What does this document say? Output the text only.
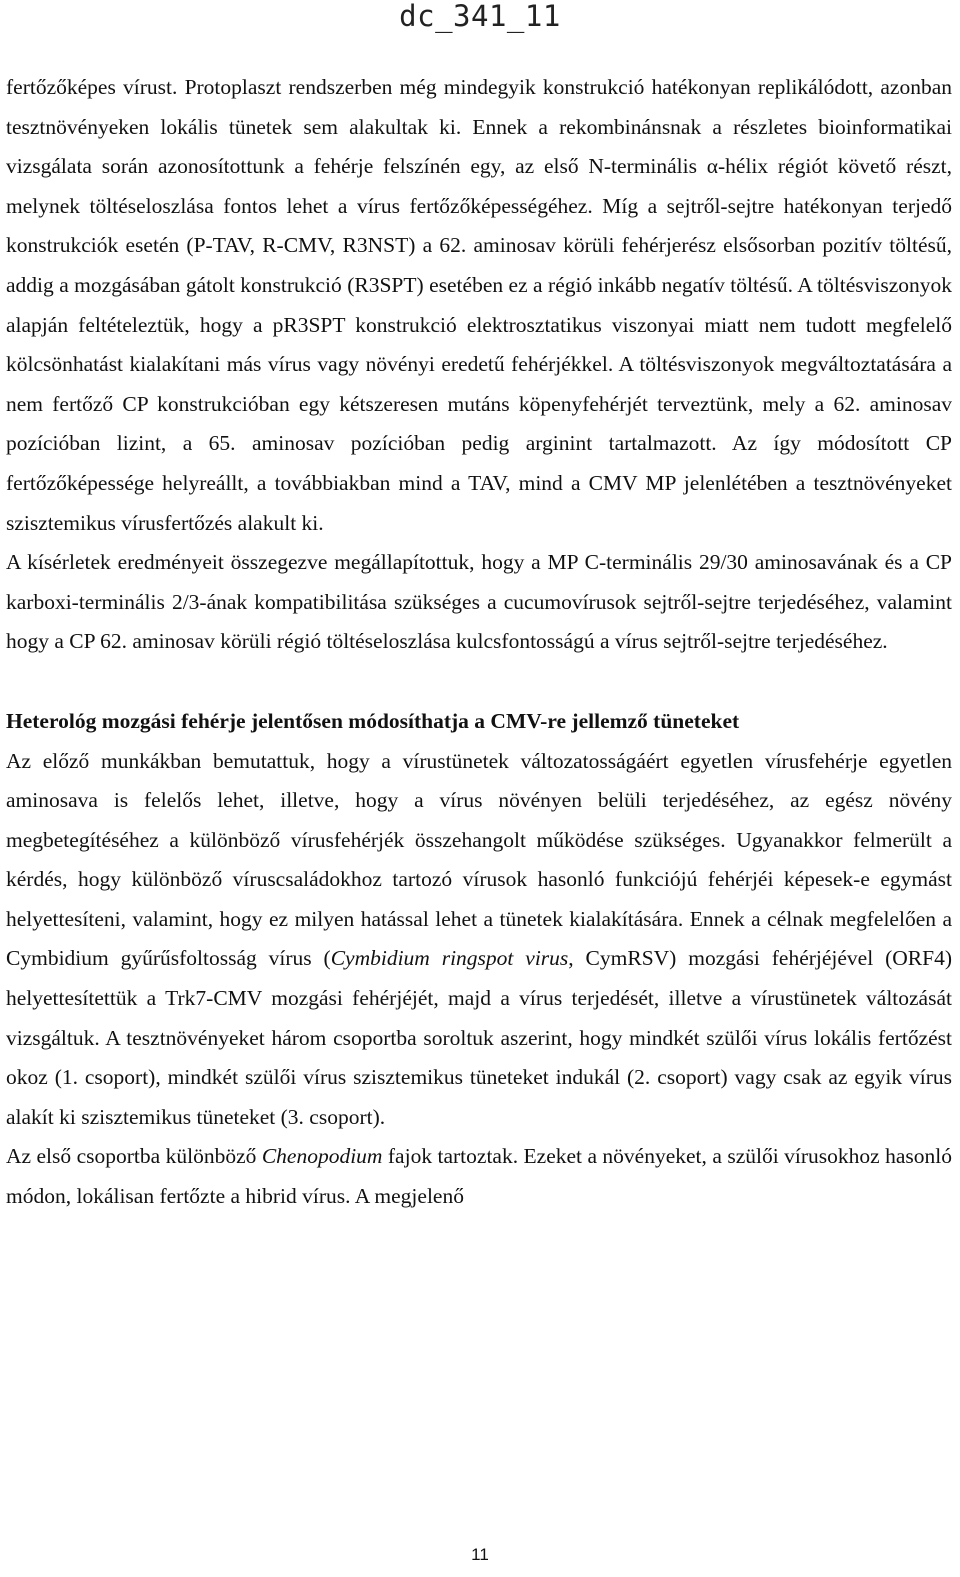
dc_341_11

fertőzőképes vírust. Protoplaszt rendszerben még mindegyik konstrukció hatékonyan replikálódott, azonban tesztnövényeken lokális tünetek sem alakultak ki. Ennek a rekombinánsnak a részletes bioinformatikai vizsgálata során azonosítottunk a fehérje felszínén egy, az első N-terminális α-hélix régiót követő részt, melynek töltéseloszlása fontos lehet a vírus fertőzőképességéhez. Míg a sejtről-sejtre hatékonyan terjedő konstrukciók esetén (P-TAV, R-CMV, R3NST) a 62. aminosav körüli fehérjerész elsősorban pozitív töltésű, addig a mozgásában gátolt konstrukció (R3SPT) esetében ez a régió inkább negatív töltésű. A töltésviszonyok alapján feltételeztük, hogy a pR3SPT konstrukció elektrosztatikus viszonyai miatt nem tudott megfelelő kölcsönhatást kialakítani más vírus vagy növényi eredetű fehérjékkel. A töltésviszonyok megváltoztatására a nem fertőző CP konstrukcióban egy kétszeresen mutáns köpenyfehérjét terveztünk, mely a 62. aminosav pozícióban lizint, a 65. aminosav pozícióban pedig arginint tartalmazott. Az így módosított CP fertőzőképessége helyreállt, a továbbiakban mind a TAV, mind a CMV MP jelenlétében a tesztnövényeket szisztemikus vírusfertőzés alakult ki.

A kísérletek eredményeit összegezve megállapítottuk, hogy a MP C-terminális 29/30 aminosavának és a CP karboxi-terminális 2/3-ának kompatibilitása szükséges a cucumovírusok sejtről-sejtre terjedéséhez, valamint hogy a CP 62. aminosav körüli régió töltéseloszlása kulcsfontosságú a vírus sejtről-sejtre terjedéséhez.

Heterológ mozgási fehérje jelentősen módosíthatja a CMV-re jellemző tüneteket

Az előző munkákban bemutattuk, hogy a vírustünetek változatosságáért egyetlen vírusfehérje egyetlen aminosava is felelős lehet, illetve, hogy a vírus növényen belüli terjedéséhez, az egész növény megbetegítéséhez a különböző vírusfehérjék összehangolt működése szükséges. Ugyanakkor felmerült a kérdés, hogy különböző víruscsaládokhoz tartozó vírusok hasonló funkciójú fehérjéi képesek-e egymást helyettesíteni, valamint, hogy ez milyen hatással lehet a tünetek kialakítására. Ennek a célnak megfelelően a Cymbidium gyűrűsfoltosság vírus (Cymbidium ringspot virus, CymRSV) mozgási fehérjéjével (ORF4) helyettesítettük a Trk7-CMV mozgási fehérjéjét, majd a vírus terjedését, illetve a vírustünetek változását vizsgáltuk. A tesztnövényeket három csoportba soroltuk aszerint, hogy mindkét szülői vírus lokális fertőzést okoz (1. csoport), mindkét szülői vírus szisztemikus tüneteket indukál (2. csoport) vagy csak az egyik vírus alakít ki szisztemikus tüneteket (3. csoport).

Az első csoportba különböző Chenopodium fajok tartoztak. Ezeket a növényeket, a szülői vírusokhoz hasonló módon, lokálisan fertőzte a hibrid vírus. A megjelenő

11
